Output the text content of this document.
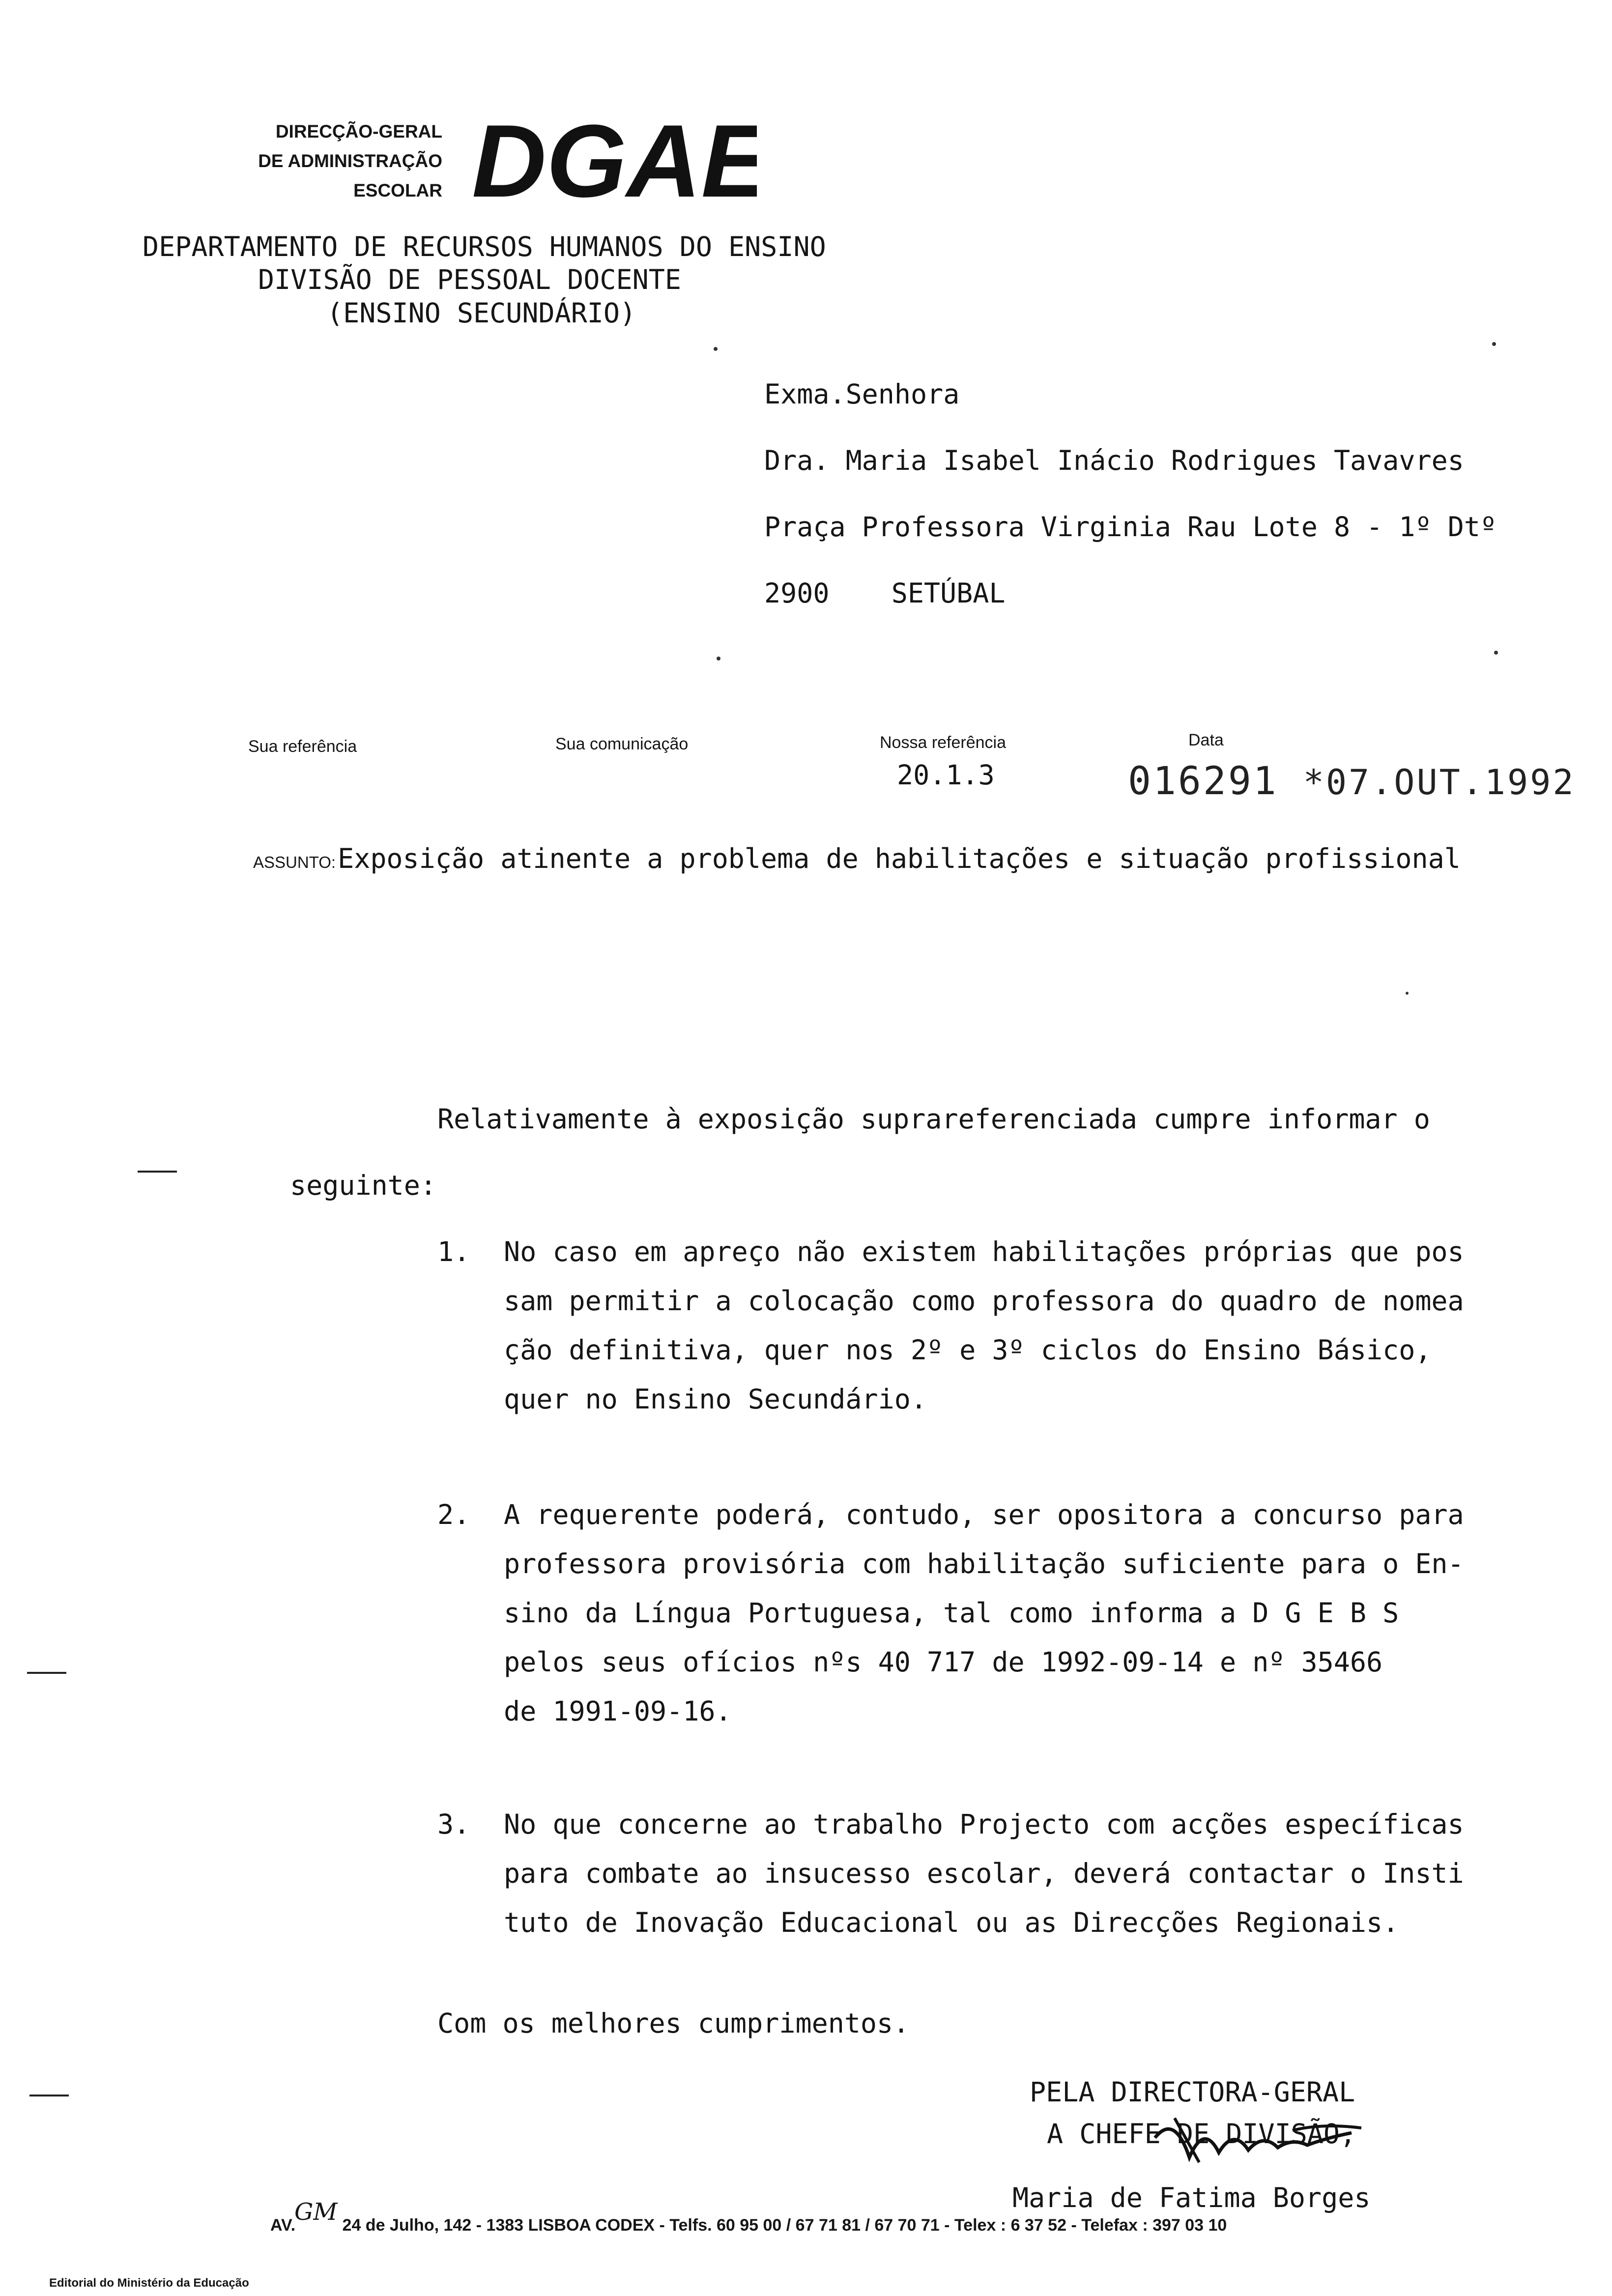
DIRECÇÃO-GERAL
DE ADMINISTRAÇÃO
ESCOLAR DGAE
DEPARTAMENTO DE RECURSOS HUMANOS DO ENSINO
DIVISÃO DE PESSOAL DOCENTE
(ENSINO SECUNDÁRIO)
Exma.Senhora
Dra. Maria Isabel Inácio Rodrigues Tavavres
Praça Professora Virginia Rau Lote 8 - 1º Dtº
2900 SETÚBAL
Sua referência	Sua comunicação	Nossa referência
20.1.3
Data
016291 *07.OUT.1992
ASSUNTO: Exposição atinente a problema de habilitações e situação profissional
Relativamente à exposição suprareferenciada cumpre informar o
seguinte:
1. No caso em apreço não existem habilitações próprias que pos
sam permitir a colocação como professora do quadro de nomea
ção definitiva, quer nos 2º e 3º ciclos do Ensino Básico,
quer no Ensino Secundário.
2. A requerente poderá, contudo, ser opositora a concurso para
professora provisória com habilitação suficiente para o En-
sino da Língua Portuguesa, tal como informa a D G E B S
pelos seus ofícios nºs 40 717 de 1992-09-14 e nº 35466
de 1991-09-16.
3. No que concerne ao trabalho Projecto com acções específicas
para combate ao insucesso escolar, deverá contactar o Insti
tuto de Inovação Educacional ou as Direcções Regionais.
Com os melhores cumprimentos.
PELA DIRECTORA-GERAL
A CHEFE DE DIVISÃO,
Maria de Fatima Borges
AV. GM 24 de Julho, 142 - 1383 LISBOA CODEX - Telfs. 60 95 00 / 67 71 81 / 67 70 71 - Telex : 6 37 52 - Telefax : 397 03 10
Editorial do Ministério da Educação
